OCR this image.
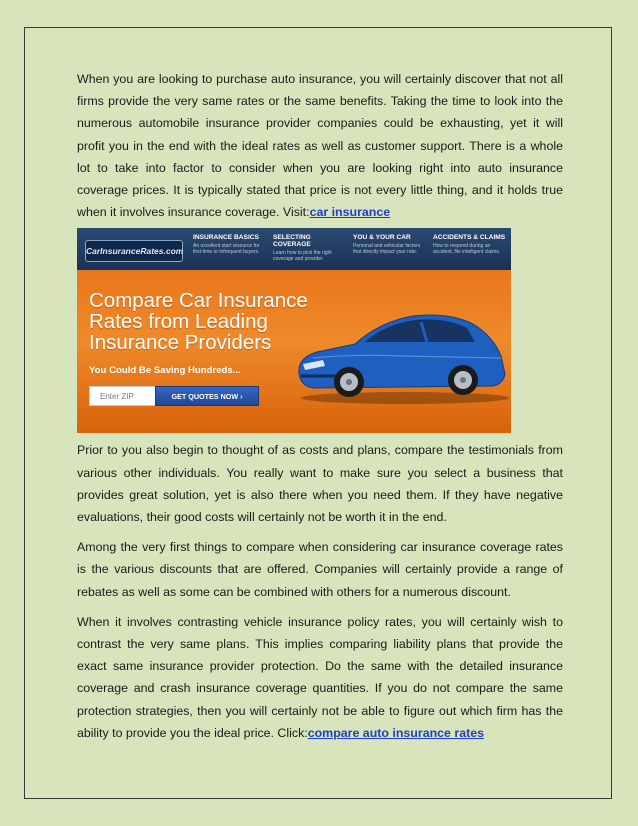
When you are looking to purchase auto insurance, you will certainly discover that not all firms provide the very same rates or the same benefits. Taking the time to look into the numerous automobile insurance provider companies could be exhausting, yet it will profit you in the end with the ideal rates as well as customer support. There is a whole lot to take into factor to consider when you are looking right into auto insurance coverage prices. It is typically stated that price is not every little thing, and it holds true when it involves insurance coverage. Visit:car insurance

CarInsuranceRates.com
INSURANCE BASICS
An excellent start resource for first-time or infrequent buyers.
SELECTING COVERAGE
Learn how to pick the right coverage and provider.
YOU & YOUR CAR
Personal and vehicular factors that directly impact your rate.
ACCIDENTS & CLAIMS
How to respond during an accident, file intelligent claims.
Compare Car Insurance
Rates from Leading
Insurance Providers
You Could Be Saving Hundreds...
Enter ZIP
GET QUOTES NOW ›

Prior to you also begin to thought of as costs and plans, compare the testimonials from various other individuals. You really want to make sure you select a business that provides great solution, yet is also there when you need them. If they have negative evaluations, their good costs will certainly not be worth it in the end.

Among the very first things to compare when considering car insurance coverage rates is the various discounts that are offered. Companies will certainly provide a range of rebates as well as some can be combined with others for a numerous discount.

When it involves contrasting vehicle insurance policy rates, you will certainly wish to contrast the very same plans. This implies comparing liability plans that provide the exact same insurance provider protection. Do the same with the detailed insurance coverage and crash insurance coverage quantities. If you do not compare the same protection strategies, then you will certainly not be able to figure out which firm has the ability to provide you the ideal price. Click:compare auto insurance rates
